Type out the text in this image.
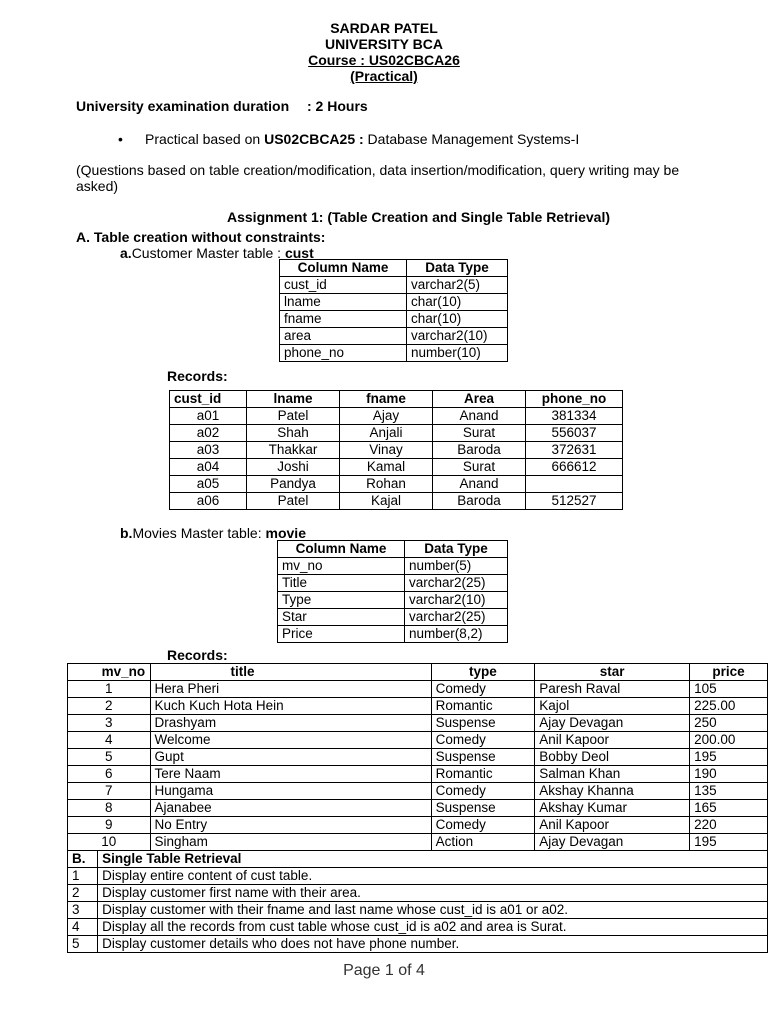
SARDAR PATEL
UNIVERSITY BCA
Course : US02CBCA26
(Practical)
University examination duration : 2 Hours
• Practical based on US02CBCA25 : Database Management Systems-I
(Questions based on table creation/modification, data insertion/modification, query writing may be asked)
Assignment 1: (Table Creation and Single Table Retrieval)
A. Table creation without constraints:
a.Customer Master table : cust
Column Name	Data Type
cust_id	varchar2(5)
lname	char(10)
fname	char(10)
area	varchar2(10)
phone_no	number(10)
Records:
cust_id	lname	fname	Area	phone_no
a01	Patel	Ajay	Anand	381334
a02	Shah	Anjali	Surat	556037
a03	Thakkar	Vinay	Baroda	372631
a04	Joshi	Kamal	Surat	666612
a05	Pandya	Rohan	Anand	
a06	Patel	Kajal	Baroda	512527
b.Movies Master table: movie
Column Name	Data Type
mv_no	number(5)
Title	varchar2(25)
Type	varchar2(10)
Star	varchar2(25)
Price	number(8,2)
Records:
	mv_no	title	type	star	price
1		Hera Pheri	Comedy	Paresh Raval	105
2		Kuch Kuch Hota Hein	Romantic	Kajol	225.00
3		Drashyam	Suspense	Ajay Devagan	250
4		Welcome	Comedy	Anil Kapoor	200.00
5		Gupt	Suspense	Bobby Deol	195
6		Tere Naam	Romantic	Salman Khan	190
7		Hungama	Comedy	Akshay Khanna	135
8		Ajanabee	Suspense	Akshay Kumar	165
9		No Entry	Comedy	Anil Kapoor	220
10		Singham	Action	Ajay Devagan	195
B.	Single Table Retrieval				
1	Display entire content of cust table.				
2	Display customer first name with their area.				
3	Display customer with their fname and last name whose cust_id is a01 or a02.				
4	Display all the records from cust table whose cust_id is a02 and area is Surat.				
5	Display customer details who does not have phone number.				
Page 1 of 4
